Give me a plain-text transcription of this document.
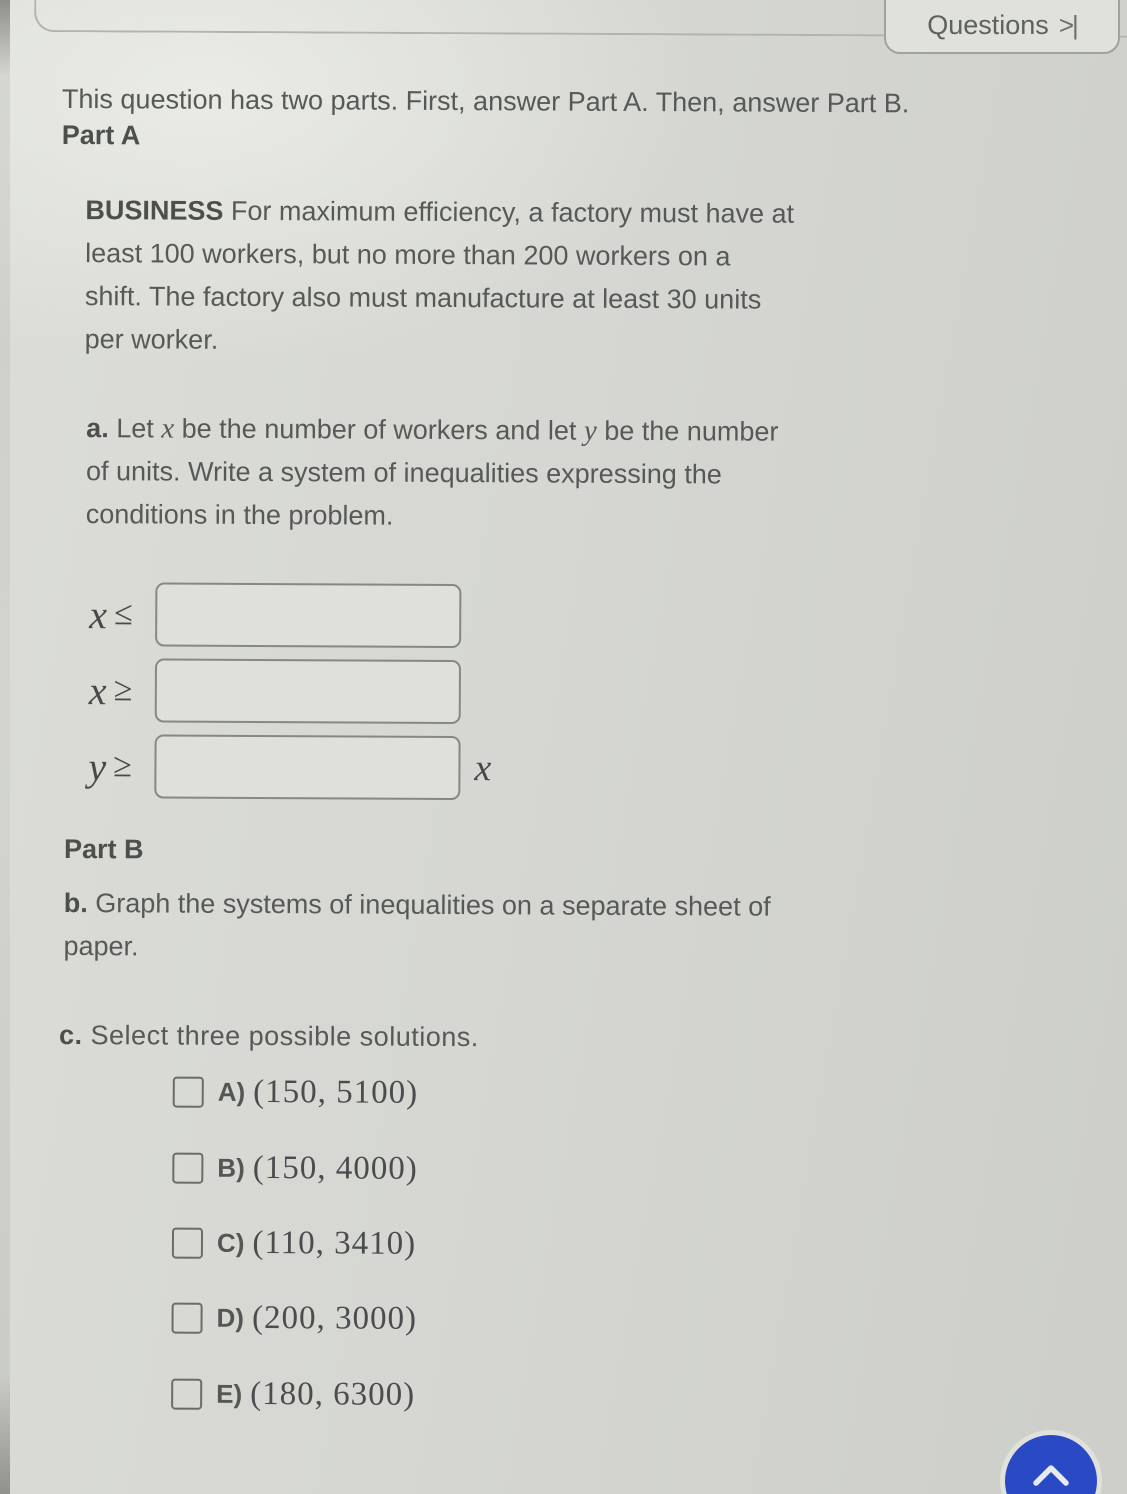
Questions >|
This question has two parts. First, answer Part A. Then, answer Part B.
Part A
BUSINESS For maximum efficiency, a factory must have at
least 100 workers, but no more than 200 workers on a
shift. The factory also must manufacture at least 30 units
per worker.
a. Let x be the number of workers and let y be the number
of units. Write a system of inequalities expressing the
conditions in the problem.
x ≤
x ≥
y ≥	x
Part B
b. Graph the systems of inequalities on a separate sheet of
paper.
c. Select three possible solutions.
A) (150, 5100)
B) (150, 4000)
C) (110, 3410)
D) (200, 3000)
E) (180, 6300)
